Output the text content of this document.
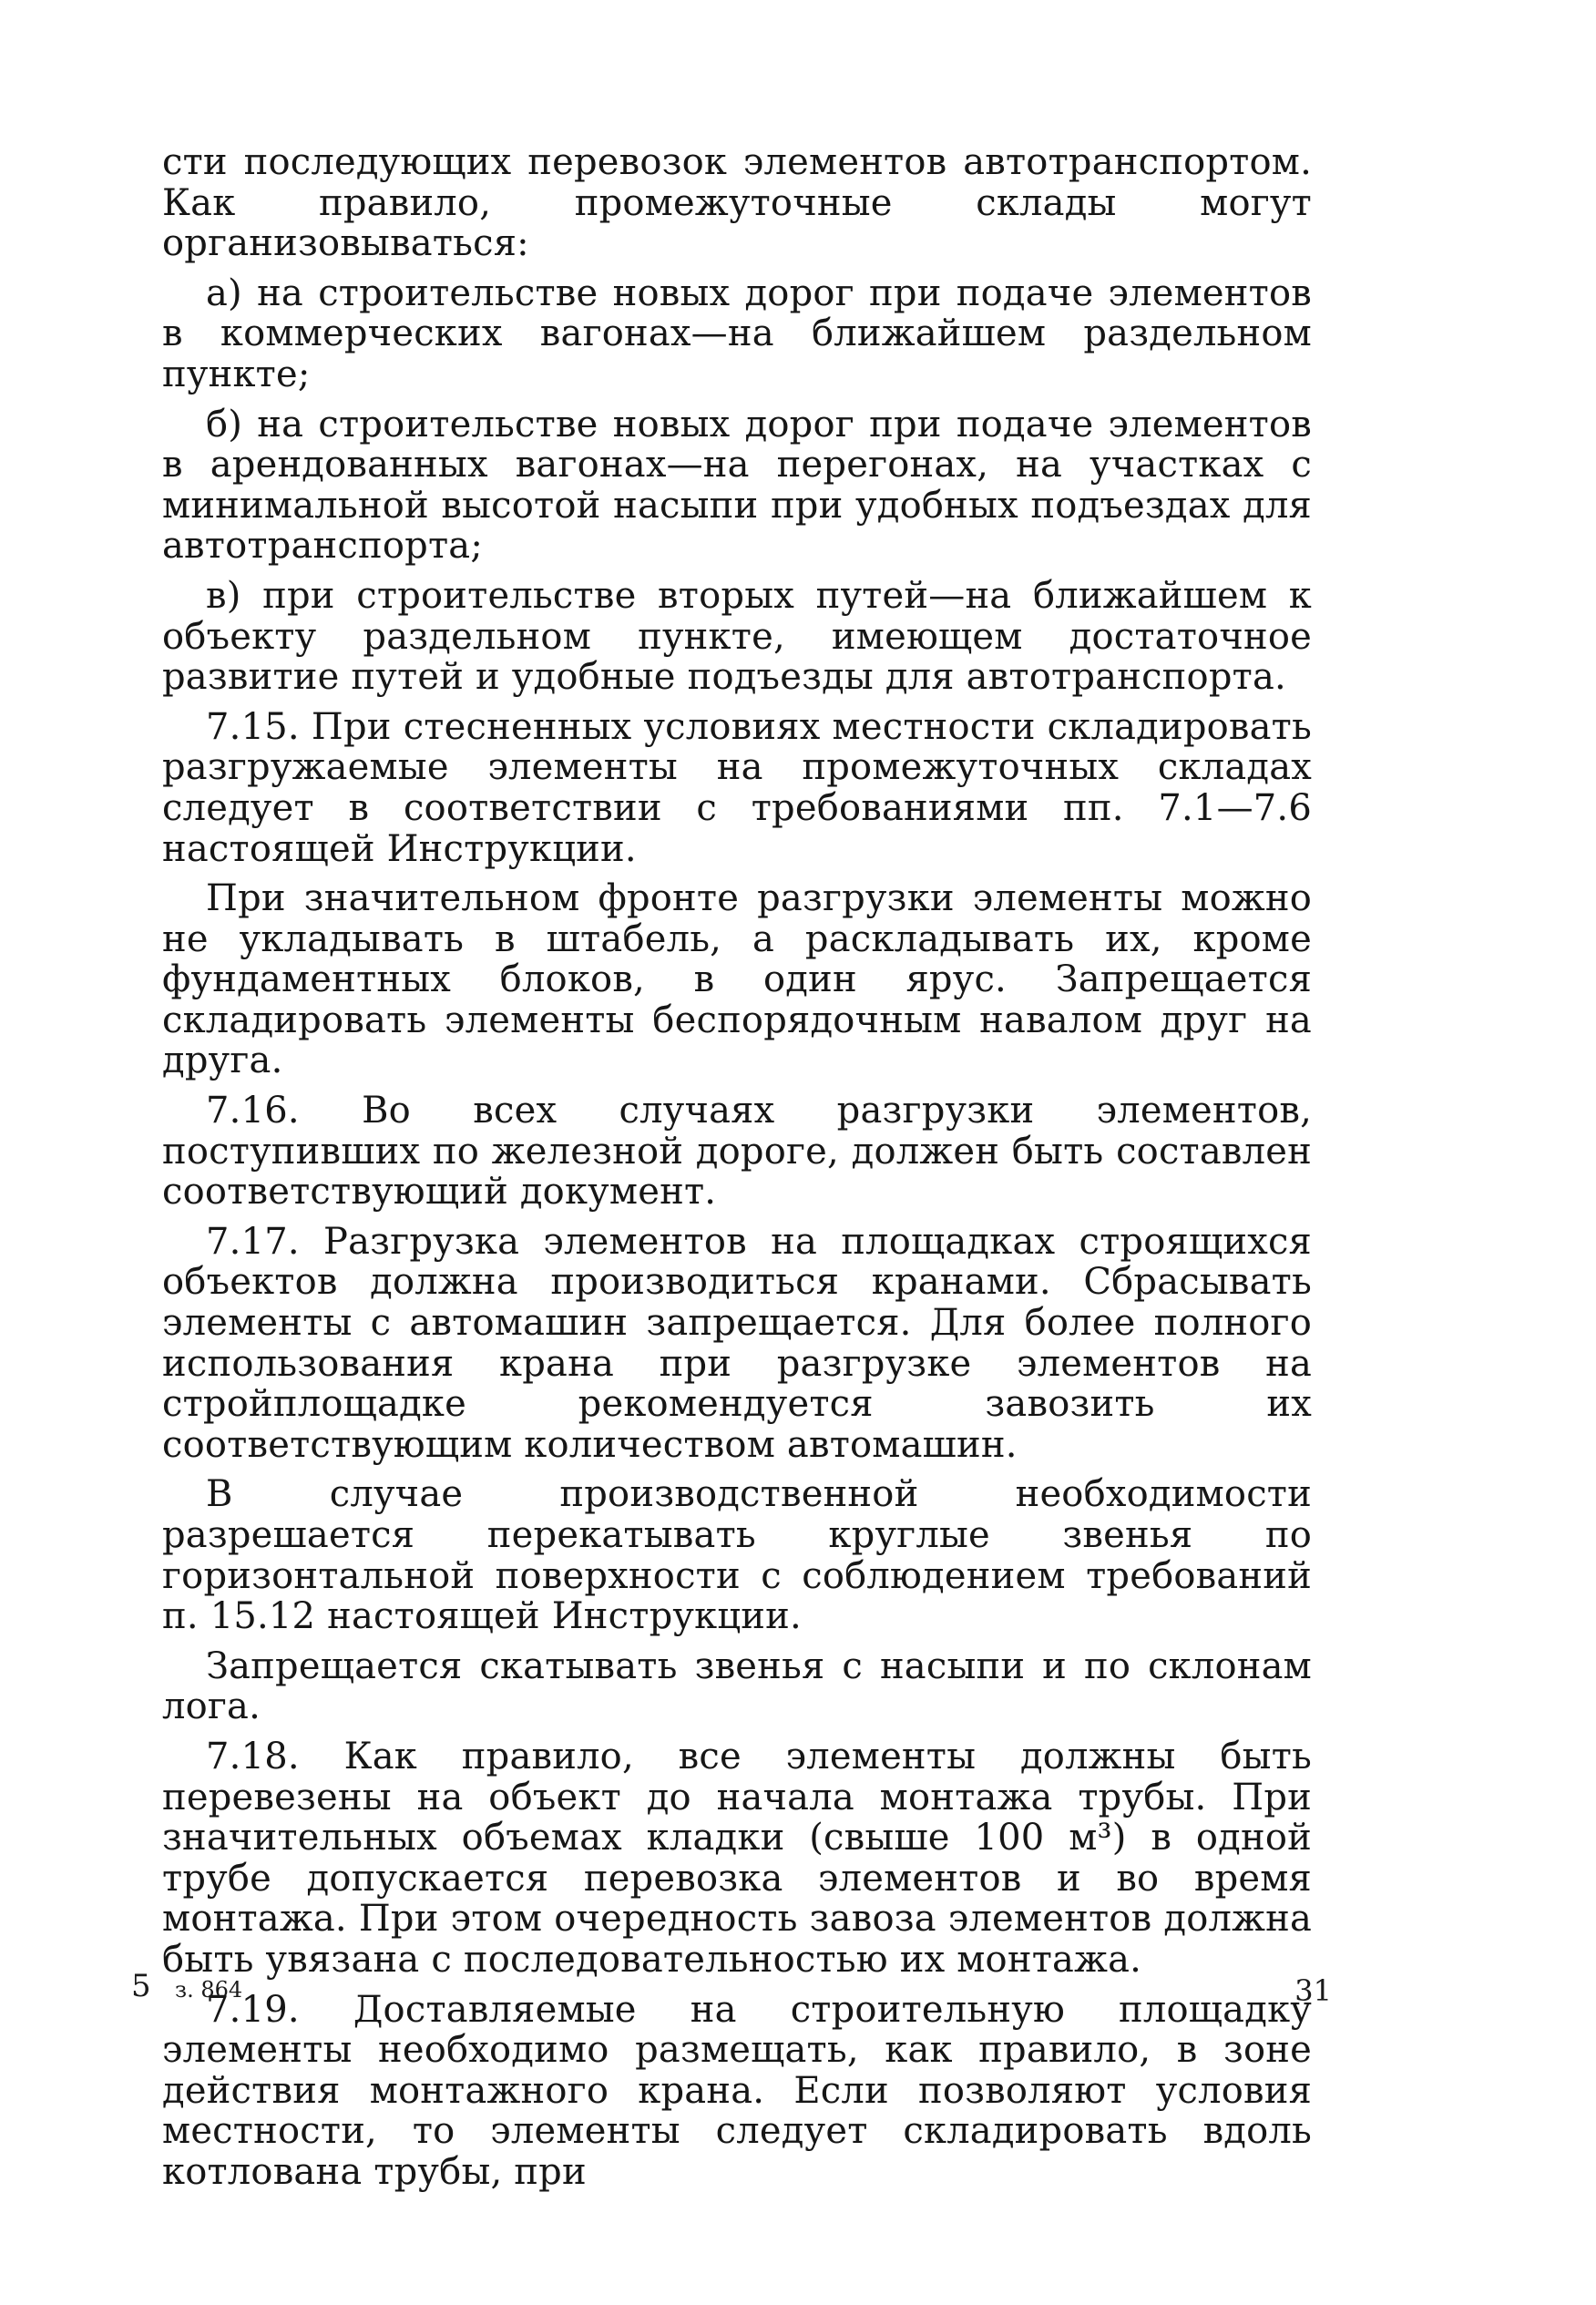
сти последующих перевозок элементов автотранспортом. Как правило, промежуточные склады могут организовываться:

а) на строительстве новых дорог при подаче элементов в коммерческих вагонах—на ближайшем раздельном пункте;

б) на строительстве новых дорог при подаче элементов в арендованных вагонах—на перегонах, на участках с минимальной высотой насыпи при удобных подъездах для автотранспорта;

в) при строительстве вторых путей—на ближайшем к объекту раздельном пункте, имеющем достаточное развитие путей и удобные подъезды для автотранспорта.

7.15. При стесненных условиях местности складировать разгружаемые элементы на промежуточных складах следует в соответствии с требованиями пп. 7.1—7.6 настоящей Инструкции.

При значительном фронте разгрузки элементы можно не укладывать в штабель, а раскладывать их, кроме фундаментных блоков, в один ярус. Запрещается складировать элементы беспорядочным навалом друг на друга.

7.16. Во всех случаях разгрузки элементов, поступивших по железной дороге, должен быть составлен соответствующий документ.

7.17. Разгрузка элементов на площадках строящихся объектов должна производиться кранами. Сбрасывать элементы с автомашин запрещается. Для более полного использования крана при разгрузке элементов на стройплощадке рекомендуется завозить их соответствующим количеством автомашин.

В случае производственной необходимости разрешается перекатывать круглые звенья по горизонтальной поверхности с соблюдением требований п. 15.12 настоящей Инструкции.

Запрещается скатывать звенья с насыпи и по склонам лога.

7.18. Как правило, все элементы должны быть перевезены на объект до начала монтажа трубы. При значительных объемах кладки (свыше 100 м³) в одной трубе допускается перевозка элементов и во время монтажа. При этом очередность завоза элементов должна быть увязана с последовательностью их монтажа.

7.19. Доставляемые на строительную площадку элементы необходимо размещать, как правило, в зоне действия монтажного крана. Если позволяют условия местности, то элементы следует складировать вдоль котлована трубы, при

5 з. 864	31
